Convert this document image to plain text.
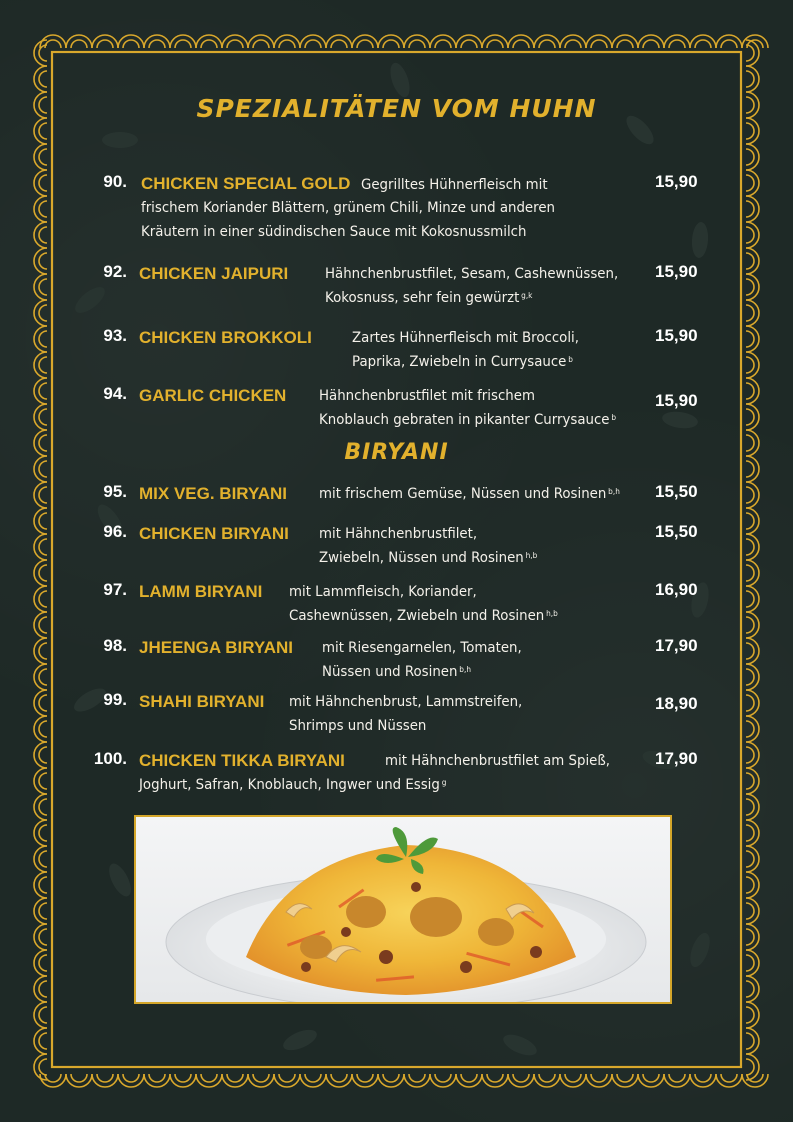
SPEZIALITÄTEN VOM HUHN
90. CHICKEN SPECIAL GOLD Gegrilltes Hühnerfleisch mit
frischem Koriander Blättern, grünem Chili, Minze und anderen
Kräutern in einer südindischen Sauce mit Kokosnussmilch
15,90
92. CHICKEN JAIPURI	Hähnchenbrustfilet, Sesam, Cashewnüssen,
Kokosnuss, sehr fein gewürzt $^{g,k}$
15,90
93. CHICKEN BROKKOLI	Zartes Hühnerfleisch mit Broccoli,
Paprika, Zwiebeln in Currysauce $^b$
15,90
94. GARLIC CHICKEN Hähnchenbrustfilet mit frischem
Knoblauch gebraten in pikanter Currysauce $^b$
15,90
BIRYANI
95. MIX VEG. BIRYANI mit frischem Gemüse, Nüssen und Rosinen $^{b,h}$	15,50
96. CHICKEN BIRYANI mit Hähnchenbrustfilet,
Zwiebeln, Nüssen und Rosinen $^{h,b}$
15,50
97. LAMM BIRYANI mit Lammfleisch, Koriander,
Cashewnüssen, Zwiebeln und Rosinen $^{h,b}$
16,90
98. JHEENGA BIRYANI mit Riesengarnelen, Tomaten,
Nüssen und Rosinen $^{b,h}$
17,90
99. SHAHI BIRYANI mit Hähnchenbrust, Lammstreifen,
Shrimps und Nüssen
18,90
100. CHICKEN TIKKA BIRYANI	mit Hähnchenbrustfilet am Spieß,
Joghurt, Safran, Knoblauch, Ingwer und Essig $^g$
17,90
